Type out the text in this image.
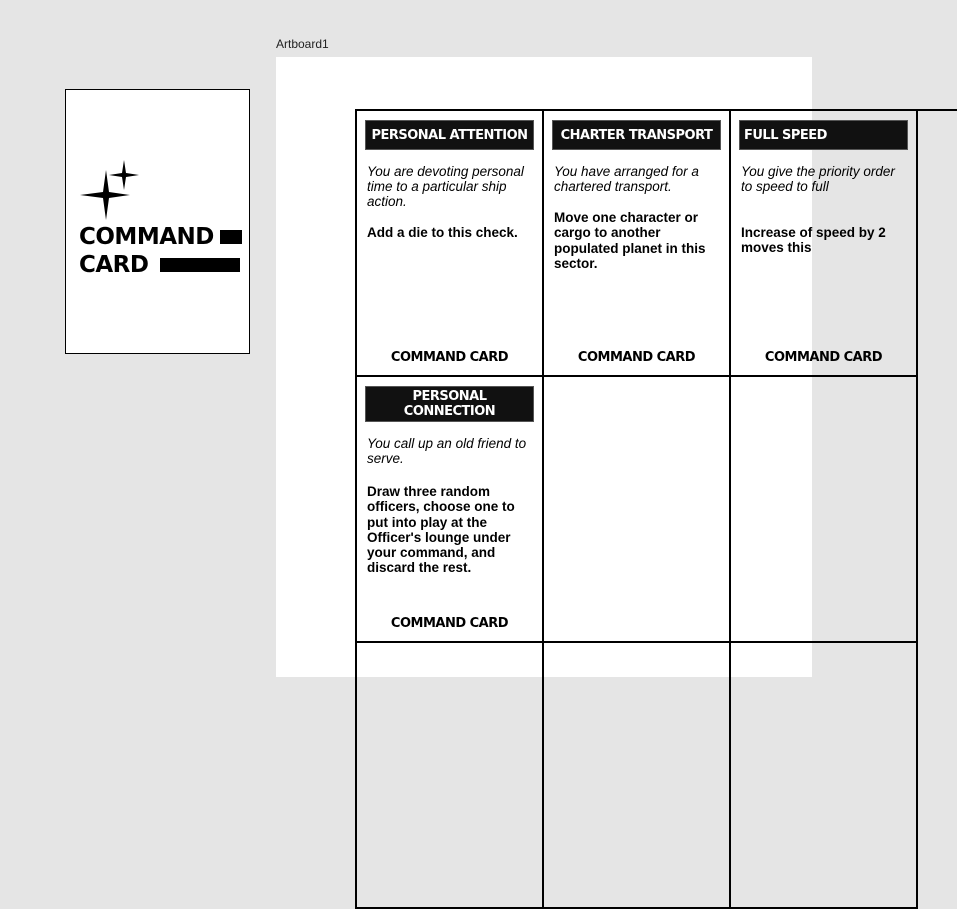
COMMAND
CARD
Artboard1
PERSONAL ATTENTION
You are devoting personal time to a particular ship action.
Add a die to this check.
COMMAND CARD
CHARTER TRANSPORT
You have arranged for a chartered transport.
Move one character or cargo to another populated planet in this sector.
COMMAND CARD
FULL SPEED
You give the priority order to speed to full
Increase of speed by 2 moves this
COMMAND CARD
PERSONAL CONNECTION
You call up an old friend to serve.
Draw three random officers, choose one to put into play at the Officer's lounge under your command, and discard the rest.
COMMAND CARD
